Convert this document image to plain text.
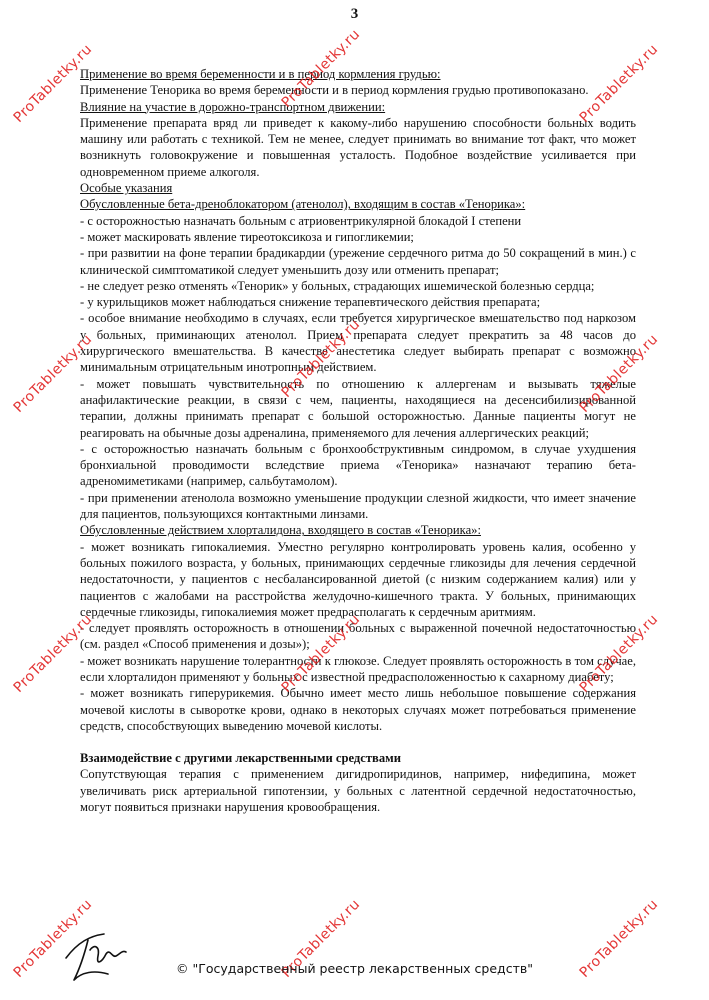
3

Применение во время беременности и в период кормления грудью:

Применение Теноpика во время беременности и в период кормления грудью противопоказано.

Влияние на участие в дорожно-транспортном движении:

Применение препарата вряд ли приведет к какому-либо нарушению способности больных водить машину или работать с техникой. Тем не менее, следует принимать во внимание тот факт, что может возникнуть головокружение и повышенная усталость. Подобное воздействие усиливается при одновременном приеме алкоголя.

Особые указания

Обусловленные бета-дреноблокатором (атенолол), входящим в состав «Тенорика»:

- с осторожностью назначать больным с атриовентрикулярной блокадой I степени

- может маскировать явление тиреотоксикоза и гипогликемии;

- при развитии на фоне терапии брадикардии (урежение сердечного ритма до 50 сокращений в мин.) с клинической симптоматикой следует уменьшить дозу или отменить препарат;

- не следует резко отменять «Тенорик» у больных, страдающих ишемической болезнью сердца;

- у курильщиков может наблюдаться снижение терапевтического действия препарата;

- особое внимание необходимо в случаях, если требуется хирургическое вмешательство под наркозом у больных, приминающих атенолол. Прием препарата следует прекратить за 48 часов до хирургического вмешательства. В качестве анестетика следует выбирать препарат с возможно минимальным отрицательным инотропным действием.

- может повышать чувствительность по отношению к аллергенам и вызывать тяжелые анафилактические реакции, в связи с чем, пациенты, находящиеся на десенсибилизированной терапии, должны принимать препарат с большой осторожностью. Данные пациенты могут не реагировать на обычные дозы адреналина, применяемого для лечения аллергических реакций;

- с осторожностью назначать больным с бронхообструктивным синдромом, в случае ухудшения бронхиальной проводимости вследствие приема «Тенорика» назначают терапию бета-адреномиметиками (например, сальбутамолом).

- при применении атенолола возможно уменьшение продукции слезной жидкости, что имеет значение для пациентов, пользующихся контактными линзами.

Обусловленные действием хлорталидона, входящего в состав «Тенорика»:

- может возникать гипокалиемия. Уместно регулярно контролировать уровень калия, особенно у больных пожилого возраста, у больных, принимающих сердечные гликозиды для лечения сердечной недостаточности, у пациентов с несбалансированной диетой (с низким содержанием калия) или у пациентов с жалобами на расстройства желудочно-кишечного тракта. У больных, принимающих сердечные гликозиды, гипокалиемия может предрасполагать к сердечным аритмиям.

- следует проявлять осторожность в отношении больных с выраженной почечной недостаточностью (см. раздел «Способ применения и дозы»);

- может возникать нарушение толерантности к глюкозе. Следует проявлять осторожность в том случае, если хлорталидон применяют у больных с известной предрасположенностью к сахарному диабету;

- может возникать гиперурикемия. Обычно имеет место лишь небольшое повышение содержания мочевой кислоты в сыворотке крови, однако в некоторых случаях может потребоваться применение средств, способствующих выведению мочевой кислоты.

Взаимодействие с другими лекарственными средствами

Сопутствующая терапия с применением дигидропиридинов, например, нифедипина, может увеличивать риск артериальной гипотензии, у больных с латентной сердечной недостаточностью, могут появиться признаки нарушения кровообращения.

ProTabletky.ru	ProTabletky.ru	ProTabletky.ru
ProTabletky.ru	ProTabletky.ru	ProTabletky.ru
ProTabletky.ru	ProTabletky.ru	ProTabletky.ru
ProTabletky.ru	ProTabletky.ru	ProTabletky.ru
© "Государственный реестр лекарственных средств"
